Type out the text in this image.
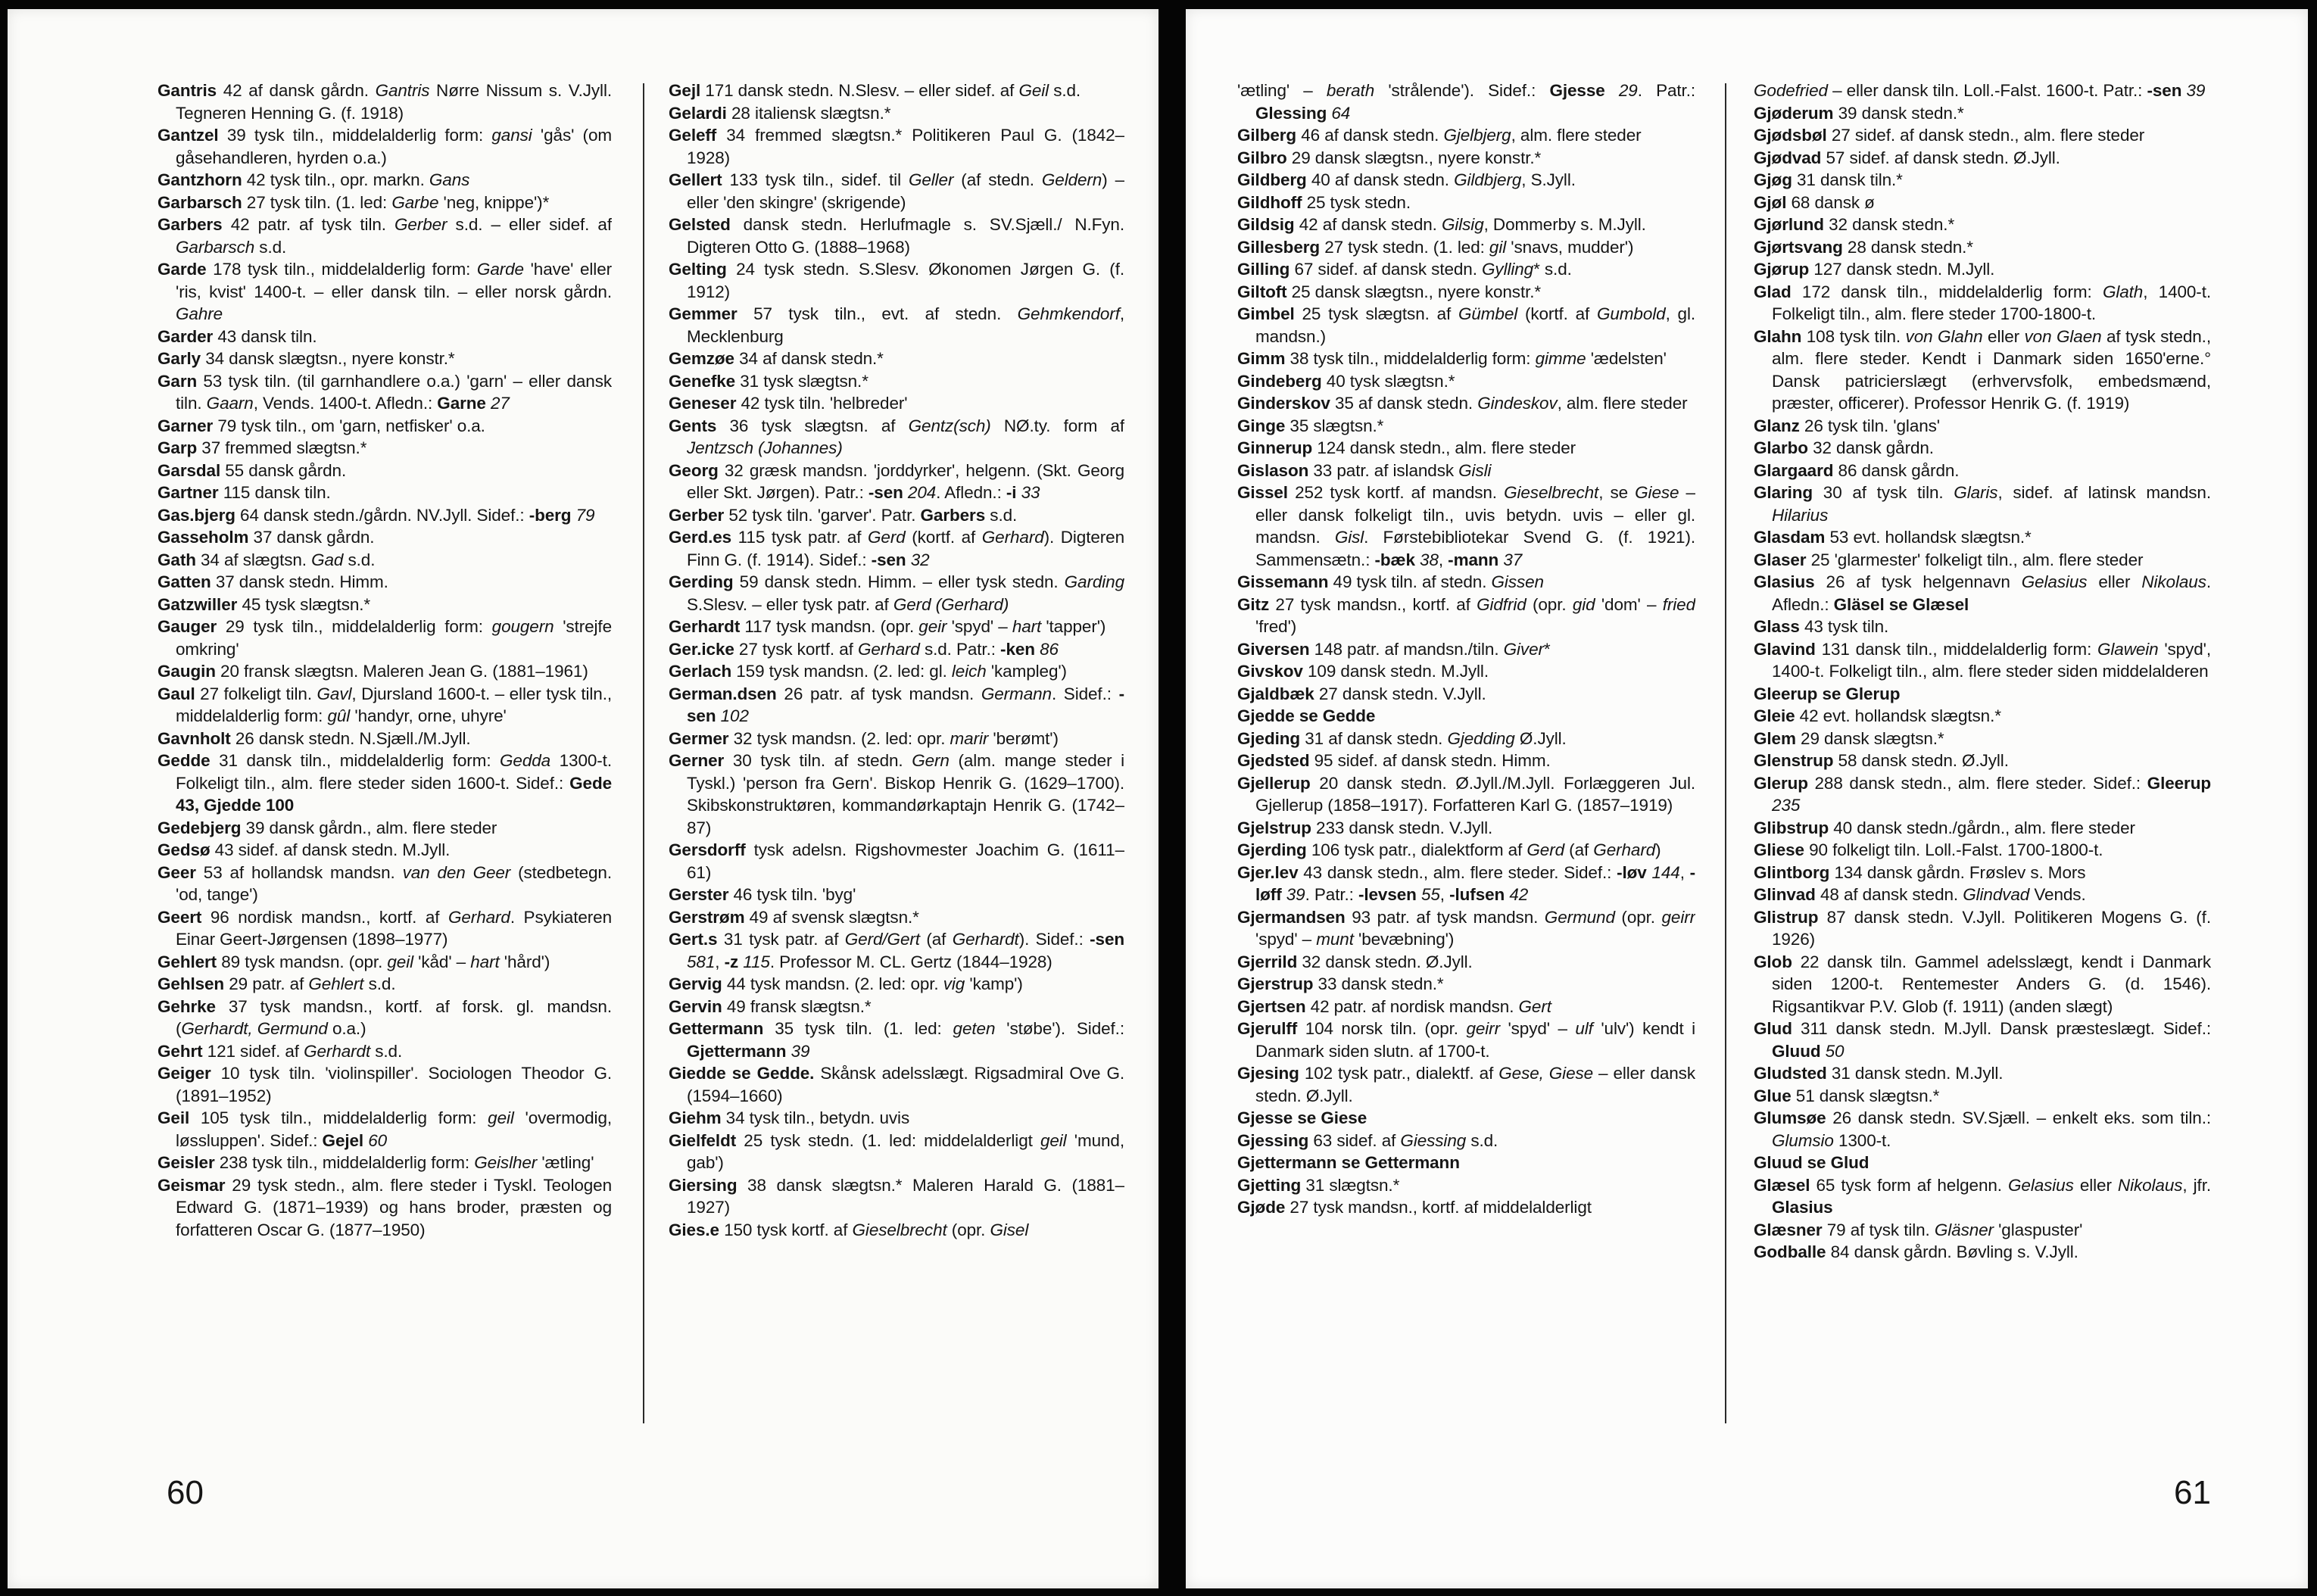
Gantris 42 af dansk gårdn. Gantris Nørre Nissum s. V.Jyll. Tegneren Henning G. (f. 1918)

Gantzel 39 tysk tiln., middelalderlig form: gansi 'gås' (om gåsehandleren, hyrden o.a.)

Gantzhorn 42 tysk tiln., opr. markn. Gans

Garbarsch 27 tysk tiln. (1. led: Garbe 'neg, knippe')*

Garbers 42 patr. af tysk tiln. Gerber s.d. – eller sidef. af Garbarsch s.d.

Garde 178 tysk tiln., middelalderlig form: Garde 'have' eller 'ris, kvist' 1400-t. – eller dansk tiln. – eller norsk gårdn. Gahre

Garder 43 dansk tiln.

Garly 34 dansk slægtsn., nyere konstr.*

Garn 53 tysk tiln. (til garnhandlere o.a.) 'garn' – eller dansk tiln. Gaarn, Vends. 1400-t. Afledn.: Garne 27

Garner 79 tysk tiln., om 'garn, netfisker' o.a.

Garp 37 fremmed slægtsn.*

Garsdal 55 dansk gårdn.

Gartner 115 dansk tiln.

Gas.bjerg 64 dansk stedn./gårdn. NV.Jyll. Sidef.: -berg 79

Gasseholm 37 dansk gårdn.

Gath 34 af slægtsn. Gad s.d.

Gatten 37 dansk stedn. Himm.

Gatzwiller 45 tysk slægtsn.*

Gauger 29 tysk tiln., middelalderlig form: gougern 'strejfe omkring'

Gaugin 20 fransk slægtsn. Maleren Jean G. (1881–1961)

Gaul 27 folkeligt tiln. Gavl, Djursland 1600-t. – eller tysk tiln., middelalderlig form: gûl 'handyr, orne, uhyre'

Gavnholt 26 dansk stedn. N.Sjæll./M.Jyll.

Gedde 31 dansk tiln., middelalderlig form: Gedda 1300-t. Folkeligt tiln., alm. flere steder siden 1600-t. Sidef.: Gede 43, Gjedde 100

Gedebjerg 39 dansk gårdn., alm. flere steder

Gedsø 43 sidef. af dansk stedn. M.Jyll.

Geer 53 af hollandsk mandsn. van den Geer (stedbetegn. 'od, tange')

Geert 96 nordisk mandsn., kortf. af Gerhard. Psykiateren Einar Geert-Jørgensen (1898–1977)

Gehlert 89 tysk mandsn. (opr. geil 'kåd' – hart 'hård')

Gehlsen 29 patr. af Gehlert s.d.

Gehrke 37 tysk mandsn., kortf. af forsk. gl. mandsn. (Gerhardt, Germund o.a.)

Gehrt 121 sidef. af Gerhardt s.d.

Geiger 10 tysk tiln. 'violinspiller'. Sociologen Theodor G. (1891–1952)

Geil 105 tysk tiln., middelalderlig form: geil 'overmodig, løssluppen'. Sidef.: Gejel 60

Geisler 238 tysk tiln., middelalderlig form: Geislher 'ætling'

Geismar 29 tysk stedn., alm. flere steder i Tyskl. Teologen Edward G. (1871–1939) og hans broder, præsten og forfatteren Oscar G. (1877–1950)

Gejl 171 dansk stedn. N.Slesv. – eller sidef. af Geil s.d.

Gelardi 28 italiensk slægtsn.*

Geleff 34 fremmed slægtsn.* Politikeren Paul G. (1842–1928)

Gellert 133 tysk tiln., sidef. til Geller (af stedn. Geldern) – eller 'den skingre' (skrigende)

Gelsted dansk stedn. Herlufmagle s. SV.Sjæll./ N.Fyn. Digteren Otto G. (1888–1968)

Gelting 24 tysk stedn. S.Slesv. Økonomen Jørgen G. (f. 1912)

Gemmer 57 tysk tiln., evt. af stedn. Gehmkendorf, Mecklenburg

Gemzøe 34 af dansk stedn.*

Genefke 31 tysk slægtsn.*

Geneser 42 tysk tiln. 'helbreder'

Gents 36 tysk slægtsn. af Gentz(sch) NØ.ty. form af Jentzsch (Johannes)

Georg 32 græsk mandsn. 'jorddyrker', helgenn. (Skt. Georg eller Skt. Jørgen). Patr.: -sen 204. Afledn.: -i 33

Gerber 52 tysk tiln. 'garver'. Patr. Garbers s.d.

Gerd.es 115 tysk patr. af Gerd (kortf. af Gerhard). Digteren Finn G. (f. 1914). Sidef.: -sen 32

Gerding 59 dansk stedn. Himm. – eller tysk stedn. Garding S.Slesv. – eller tysk patr. af Gerd (Gerhard)

Gerhardt 117 tysk mandsn. (opr. geir 'spyd' – hart 'tapper')

Ger.icke 27 tysk kortf. af Gerhard s.d. Patr.: -ken 86

Gerlach 159 tysk mandsn. (2. led: gl. leich 'kampleg')

German.dsen 26 patr. af tysk mandsn. Germann. Sidef.: -sen 102

Germer 32 tysk mandsn. (2. led: opr. marir 'berømt')

Gerner 30 tysk tiln. af stedn. Gern (alm. mange steder i Tyskl.) 'person fra Gern'. Biskop Henrik G. (1629–1700). Skibskonstruktøren, kommandørkaptajn Henrik G. (1742–87)

Gersdorff tysk adelsn. Rigshovmester Joachim G. (1611–61)

Gerster 46 tysk tiln. 'byg'

Gerstrøm 49 af svensk slægtsn.*

Gert.s 31 tysk patr. af Gerd/Gert (af Gerhardt). Sidef.: -sen 581, -z 115. Professor M. CL. Gertz (1844–1928)

Gervig 44 tysk mandsn. (2. led: opr. vig 'kamp')

Gervin 49 fransk slægtsn.*

Gettermann 35 tysk tiln. (1. led: geten 'støbe'). Sidef.: Gjettermann 39

Giedde se Gedde. Skånsk adelsslægt. Rigsadmiral Ove G. (1594–1660)

Giehm 34 tysk tiln., betydn. uvis

Gielfeldt 25 tysk stedn. (1. led: middelalderligt geil 'mund, gab')

Giersing 38 dansk slægtsn.* Maleren Harald G. (1881–1927)

Gies.e 150 tysk kortf. af Gieselbrecht (opr. Gisel

60

'ætling' – berath 'strålende'). Sidef.: Gjesse 29. Patr.: Glessing 64

Gilberg 46 af dansk stedn. Gjelbjerg, alm. flere steder

Gilbro 29 dansk slægtsn., nyere konstr.*

Gildberg 40 af dansk stedn. Gildbjerg, S.Jyll.

Gildhoff 25 tysk stedn.

Gildsig 42 af dansk stedn. Gilsig, Dommerby s. M.Jyll.

Gillesberg 27 tysk stedn. (1. led: gil 'snavs, mudder')

Gilling 67 sidef. af dansk stedn. Gylling* s.d.

Giltoft 25 dansk slægtsn., nyere konstr.*

Gimbel 25 tysk slægtsn. af Gümbel (kortf. af Gumbold, gl. mandsn.)

Gimm 38 tysk tiln., middelalderlig form: gimme 'ædelsten'

Gindeberg 40 tysk slægtsn.*

Ginderskov 35 af dansk stedn. Gindeskov, alm. flere steder

Ginge 35 slægtsn.*

Ginnerup 124 dansk stedn., alm. flere steder

Gislason 33 patr. af islandsk Gisli

Gissel 252 tysk kortf. af mandsn. Gieselbrecht, se Giese – eller dansk folkeligt tiln., uvis betydn. uvis – eller gl. mandsn. Gisl. Førstebibliotekar Svend G. (f. 1921). Sammensætn.: -bæk 38, -mann 37

Gissemann 49 tysk tiln. af stedn. Gissen

Gitz 27 tysk mandsn., kortf. af Gidfrid (opr. gid 'dom' – fried 'fred')

Giversen 148 patr. af mandsn./tiln. Giver*

Givskov 109 dansk stedn. M.Jyll.

Gjaldbæk 27 dansk stedn. V.Jyll.

Gjedde se Gedde

Gjeding 31 af dansk stedn. Gjedding Ø.Jyll.

Gjedsted 95 sidef. af dansk stedn. Himm.

Gjellerup 20 dansk stedn. Ø.Jyll./M.Jyll. Forlæggeren Jul. Gjellerup (1858–1917). Forfatteren Karl G. (1857–1919)

Gjelstrup 233 dansk stedn. V.Jyll.

Gjerding 106 tysk patr., dialektform af Gerd (af Gerhard)

Gjer.lev 43 dansk stedn., alm. flere steder. Sidef.: -løv 144, -løff 39. Patr.: -levsen 55, -lufsen 42

Gjermandsen 93 patr. af tysk mandsn. Germund (opr. geirr 'spyd' – munt 'bevæbning')

Gjerrild 32 dansk stedn. Ø.Jyll.

Gjerstrup 33 dansk stedn.*

Gjertsen 42 patr. af nordisk mandsn. Gert

Gjerulff 104 norsk tiln. (opr. geirr 'spyd' – ulf 'ulv') kendt i Danmark siden slutn. af 1700-t.

Gjesing 102 tysk patr., dialektf. af Gese, Giese – eller dansk stedn. Ø.Jyll.

Gjesse se Giese

Gjessing 63 sidef. af Giessing s.d.

Gjettermann se Gettermann

Gjetting 31 slægtsn.*

Gjøde 27 tysk mandsn., kortf. af middelalderligt

Godefried – eller dansk tiln. Loll.-Falst. 1600-t. Patr.: -sen 39

Gjøderum 39 dansk stedn.*

Gjødsbøl 27 sidef. af dansk stedn., alm. flere steder

Gjødvad 57 sidef. af dansk stedn. Ø.Jyll.

Gjøg 31 dansk tiln.*

Gjøl 68 dansk ø

Gjørlund 32 dansk stedn.*

Gjørtsvang 28 dansk stedn.*

Gjørup 127 dansk stedn. M.Jyll.

Glad 172 dansk tiln., middelalderlig form: Glath, 1400-t. Folkeligt tiln., alm. flere steder 1700-1800-t.

Glahn 108 tysk tiln. von Glahn eller von Glaen af tysk stedn., alm. flere steder. Kendt i Danmark siden 1650'erne.° Dansk patricierslægt (erhvervsfolk, embedsmænd, præster, officerer). Professor Henrik G. (f. 1919)

Glanz 26 tysk tiln. 'glans'

Glarbo 32 dansk gårdn.

Glargaard 86 dansk gårdn.

Glaring 30 af tysk tiln. Glaris, sidef. af latinsk mandsn. Hilarius

Glasdam 53 evt. hollandsk slægtsn.*

Glaser 25 'glarmester' folkeligt tiln., alm. flere steder

Glasius 26 af tysk helgennavn Gelasius eller Nikolaus. Afledn.: Gläsel se Glæsel

Glass 43 tysk tiln.

Glavind 131 dansk tiln., middelalderlig form: Glawein 'spyd', 1400-t. Folkeligt tiln., alm. flere steder siden middelalderen

Gleerup se Glerup

Gleie 42 evt. hollandsk slægtsn.*

Glem 29 dansk slægtsn.*

Glenstrup 58 dansk stedn. Ø.Jyll.

Glerup 288 dansk stedn., alm. flere steder. Sidef.: Gleerup 235

Glibstrup 40 dansk stedn./gårdn., alm. flere steder

Gliese 90 folkeligt tiln. Loll.-Falst. 1700-1800-t.

Glintborg 134 dansk gårdn. Frøslev s. Mors

Glinvad 48 af dansk stedn. Glindvad Vends.

Glistrup 87 dansk stedn. V.Jyll. Politikeren Mogens G. (f. 1926)

Glob 22 dansk tiln. Gammel adelsslægt, kendt i Danmark siden 1200-t. Rentemester Anders G. (d. 1546). Rigsantikvar P.V. Glob (f. 1911) (anden slægt)

Glud 311 dansk stedn. M.Jyll. Dansk præsteslægt. Sidef.: Gluud 50

Gludsted 31 dansk stedn. M.Jyll.

Glue 51 dansk slægtsn.*

Glumsøe 26 dansk stedn. SV.Sjæll. – enkelt eks. som tiln.: Glumsio 1300-t.

Gluud se Glud

Glæsel 65 tysk form af helgenn. Gelasius eller Nikolaus, jfr. Glasius

Glæsner 79 af tysk tiln. Gläsner 'glaspuster'

Godballe 84 dansk gårdn. Bøvling s. V.Jyll.

61
